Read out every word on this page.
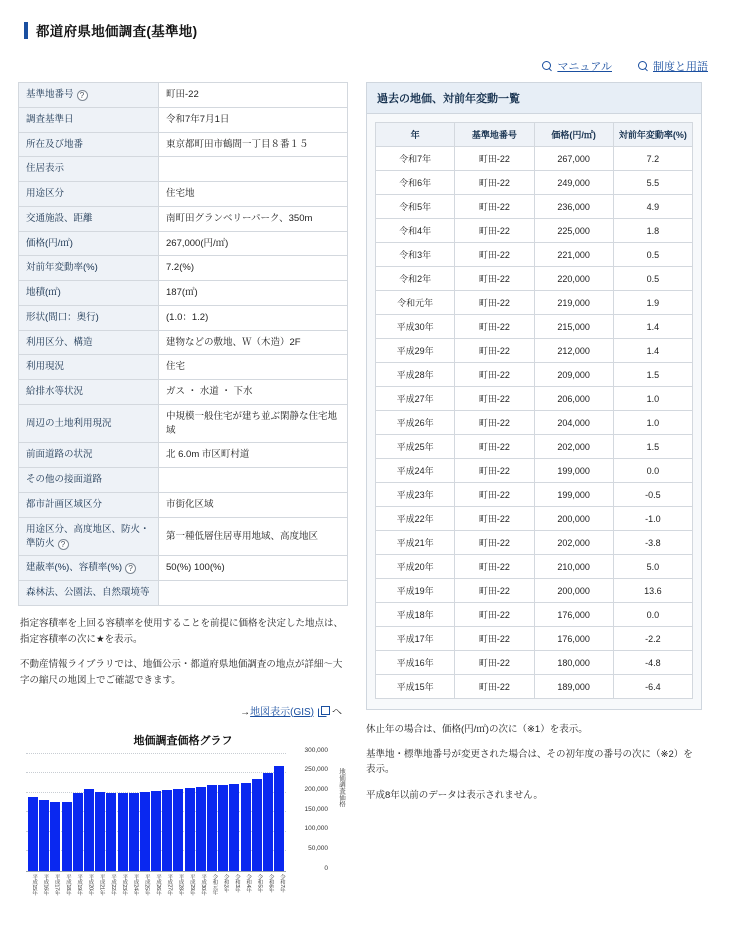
都道府県地価調査(基準地)
マニュアル	制度と用語
基準地番号 ?	町田-22
調査基準日	令和7年7月1日
所在及び地番	東京都町田市鶴間一丁目８番１５
住居表示	
用途区分	住宅地
交通施設、距離	南町田グランベリーパーク、350m
価格(円/㎡)	267,000(円/㎡)
対前年変動率(%)	7.2(%)
地積(㎡)	187(㎡)
形状(間口：奥行)	(1.0：1.2)
利用区分、構造	建物などの敷地、Ｗ（木造）2F
利用現況	住宅
給排水等状況	ガス ・ 水道 ・ 下水
周辺の土地利用現況	中規模一般住宅が建ち並ぶ閑静な住宅地域
前面道路の状況	北 6.0m 市区町村道
その他の接面道路	
都市計画区域区分	市街化区域
用途区分、高度地区、防火・準防火 ?	第一種低層住居専用地域、高度地区
建蔽率(%)、容積率(%) ?	50(%) 100(%)
森林法、公園法、自然環境等	
指定容積率を上回る容積率を使用することを前提に価格を決定した地点は、指定容積率の次に★を表示。
不動産情報ライブラリでは、地価公示・都道府県地価調査の地点が詳細〜大字の縮尺の地図上でご確認できます。
→地図表示(GIS) へ
地価調査価格グラフ
0
50,000
100,000
150,000
200,000
250,000
300,000
地価調査価格
平成15年 平成16年 平成17年 平成18年 平成19年 平成20年 平成21年 平成22年 平成23年 平成24年 平成25年 平成26年 平成27年 平成28年 平成29年 平成30年 令和元年 令和2年 令和3年 令和4年 令和5年 令和6年 令和7年
過去の地価、対前年変動一覧
年	基準地番号	価格(円/㎡)	対前年変動率(%)
令和7年	町田-22	267,000	7.2
令和6年	町田-22	249,000	5.5
令和5年	町田-22	236,000	4.9
令和4年	町田-22	225,000	1.8
令和3年	町田-22	221,000	0.5
令和2年	町田-22	220,000	0.5
令和元年	町田-22	219,000	1.9
平成30年	町田-22	215,000	1.4
平成29年	町田-22	212,000	1.4
平成28年	町田-22	209,000	1.5
平成27年	町田-22	206,000	1.0
平成26年	町田-22	204,000	1.0
平成25年	町田-22	202,000	1.5
平成24年	町田-22	199,000	0.0
平成23年	町田-22	199,000	-0.5
平成22年	町田-22	200,000	-1.0
平成21年	町田-22	202,000	-3.8
平成20年	町田-22	210,000	5.0
平成19年	町田-22	200,000	13.6
平成18年	町田-22	176,000	0.0
平成17年	町田-22	176,000	-2.2
平成16年	町田-22	180,000	-4.8
平成15年	町田-22	189,000	-6.4

休止年の場合は、価格(円/㎡)の次に（※1）を表示。

基準地・標準地番号が変更された場合は、その初年度の番号の次に（※2）を表示。

平成8年以前のデータは表示されません。
